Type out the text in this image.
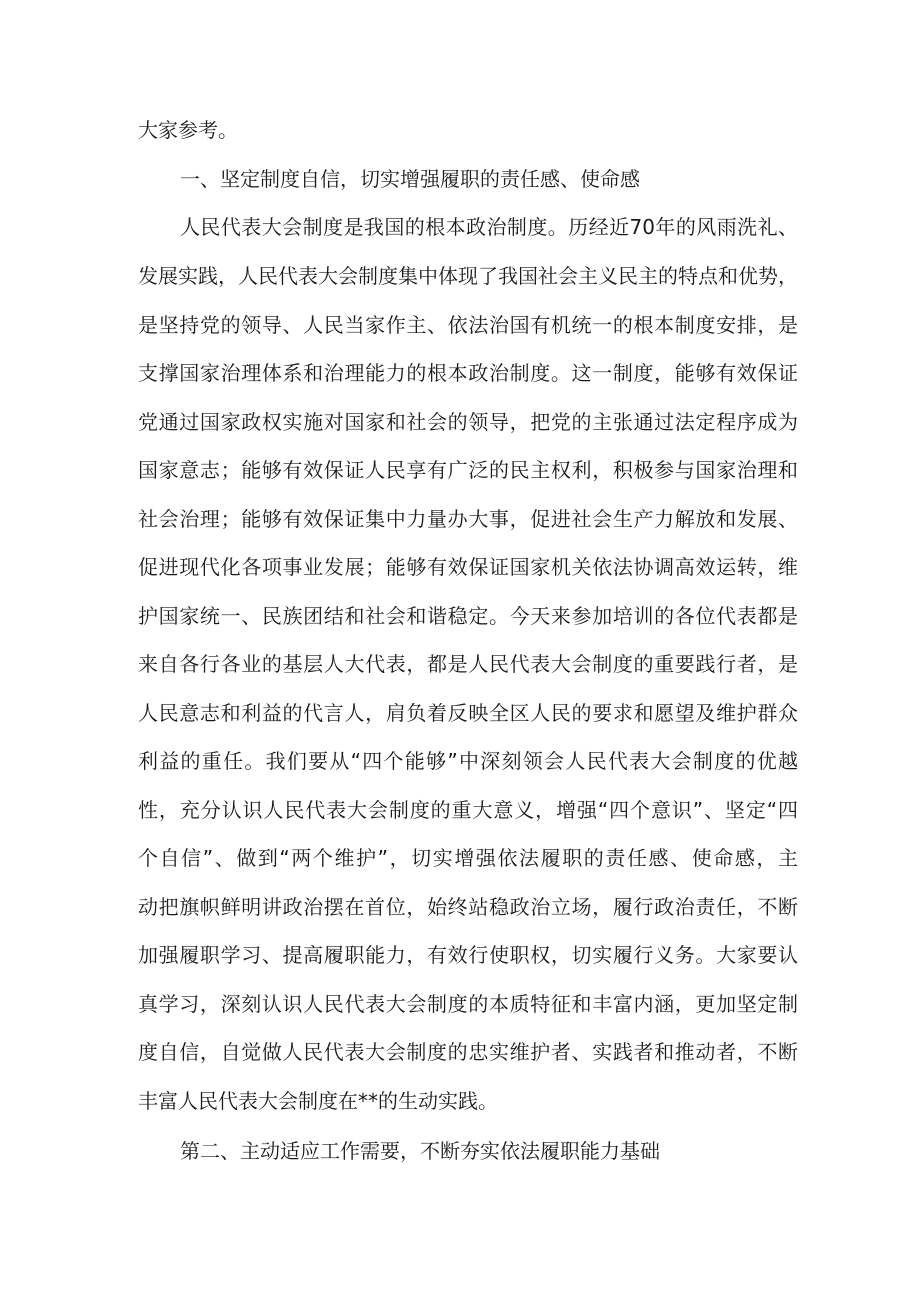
大家参考。
一、坚定制度自信，切实增强履职的责任感、使命感
人民代表大会制度是我国的根本政治制度。历经近70年的风雨洗礼、
发展实践，人民代表大会制度集中体现了我国社会主义民主的特点和优势，
是坚持党的领导、人民当家作主、依法治国有机统一的根本制度安排，是
支撑国家治理体系和治理能力的根本政治制度。这一制度，能够有效保证
党通过国家政权实施对国家和社会的领导，把党的主张通过法定程序成为
国家意志；能够有效保证人民享有广泛的民主权利，积极参与国家治理和
社会治理；能够有效保证集中力量办大事，促进社会生产力解放和发展、
促进现代化各项事业发展；能够有效保证国家机关依法协调高效运转，维
护国家统一、民族团结和社会和谐稳定。今天来参加培训的各位代表都是
来自各行各业的基层人大代表，都是人民代表大会制度的重要践行者，是
人民意志和利益的代言人，肩负着反映全区人民的要求和愿望及维护群众
利益的重任。我们要从“四个能够”中深刻领会人民代表大会制度的优越
性，充分认识人民代表大会制度的重大意义，增强“四个意识”、坚定“四
个自信”、做到“两个维护”，切实增强依法履职的责任感、使命感，主
动把旗帜鲜明讲政治摆在首位，始终站稳政治立场，履行政治责任，不断
加强履职学习、提高履职能力，有效行使职权，切实履行义务。大家要认
真学习，深刻认识人民代表大会制度的本质特征和丰富内涵，更加坚定制
度自信，自觉做人民代表大会制度的忠实维护者、实践者和推动者，不断
丰富人民代表大会制度在**的生动实践。
第二、主动适应工作需要，不断夯实依法履职能力基础
